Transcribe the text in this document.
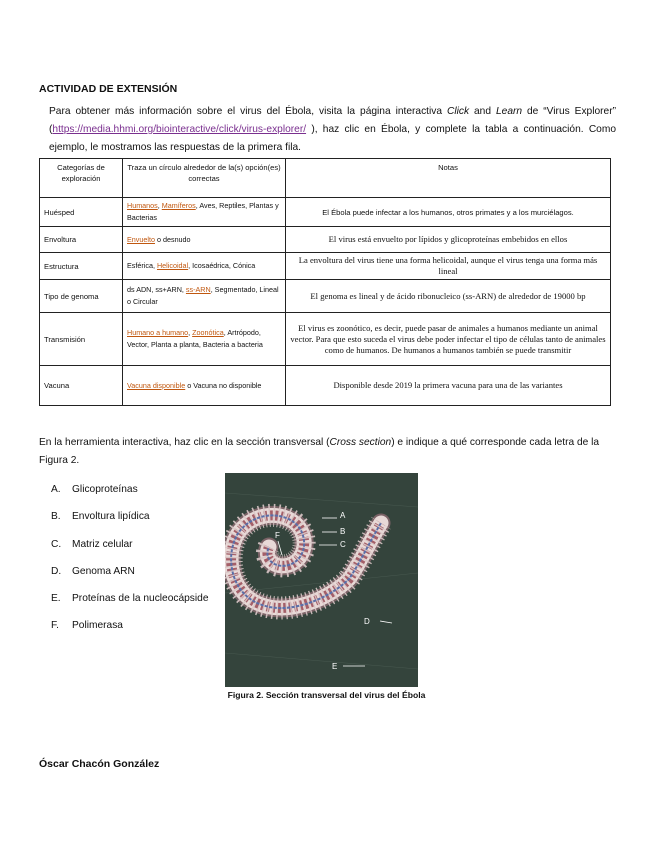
ACTIVIDAD DE EXTENSIÓN
Para obtener más información sobre el virus del Ébola, visita la página interactiva Click and Learn de “Virus Explorer” (https://media.hhmi.org/biointeractive/click/virus-explorer/ ), haz clic en Ébola, y complete la tabla a continuación. Como ejemplo, le mostramos las respuestas de la primera fila.
Categorías de exploración	Traza un círculo alrededor de la(s) opción(es) correctas	Notas
Huésped	Humanos, Mamíferos, Aves, Reptiles, Plantas y Bacterias	El Ébola puede infectar a los humanos, otros primates y a los murciélagos.
Envoltura	Envuelto o desnudo	El virus está envuelto por lípidos y glicoproteínas embebidos en ellos
Estructura	Esférica, Helicoidal, Icosaédrica, Cónica	La envoltura del virus tiene una forma helicoidal, aunque el virus tenga una forma más lineal
Tipo de genoma	ds ADN, ss+ARN, ss-ARN, Segmentado, Lineal o Circular	El genoma es lineal y de ácido ribonucleico (ss-ARN) de alrededor de 19000 bp
Transmisión	Humano a humano, Zoonótica, Artrópodo, Vector, Planta a planta, Bacteria a bacteria	El virus es zoonótico, es decir, puede pasar de animales a humanos mediante un animal vector. Para que esto suceda el virus debe poder infectar el tipo de células tanto de animales como de humanos. De humanos a humanos también se puede transmitir
Vacuna	Vacuna disponible o Vacuna no disponible	Disponible desde 2019 la primera vacuna para una de las variantes
En la herramienta interactiva, haz clic en la sección transversal (Cross section) e indique a qué corresponde cada letra de la Figura 2.
A.	Glicoproteínas
B.	Envoltura lipídica
C.	Matriz celular
D.	Genoma ARN
E.	Proteínas de la nucleocápside
F.	Polimerasa
A
B
C
D
E
F
Figura 2. Sección transversal del virus del Ébola
Óscar Chacón González
